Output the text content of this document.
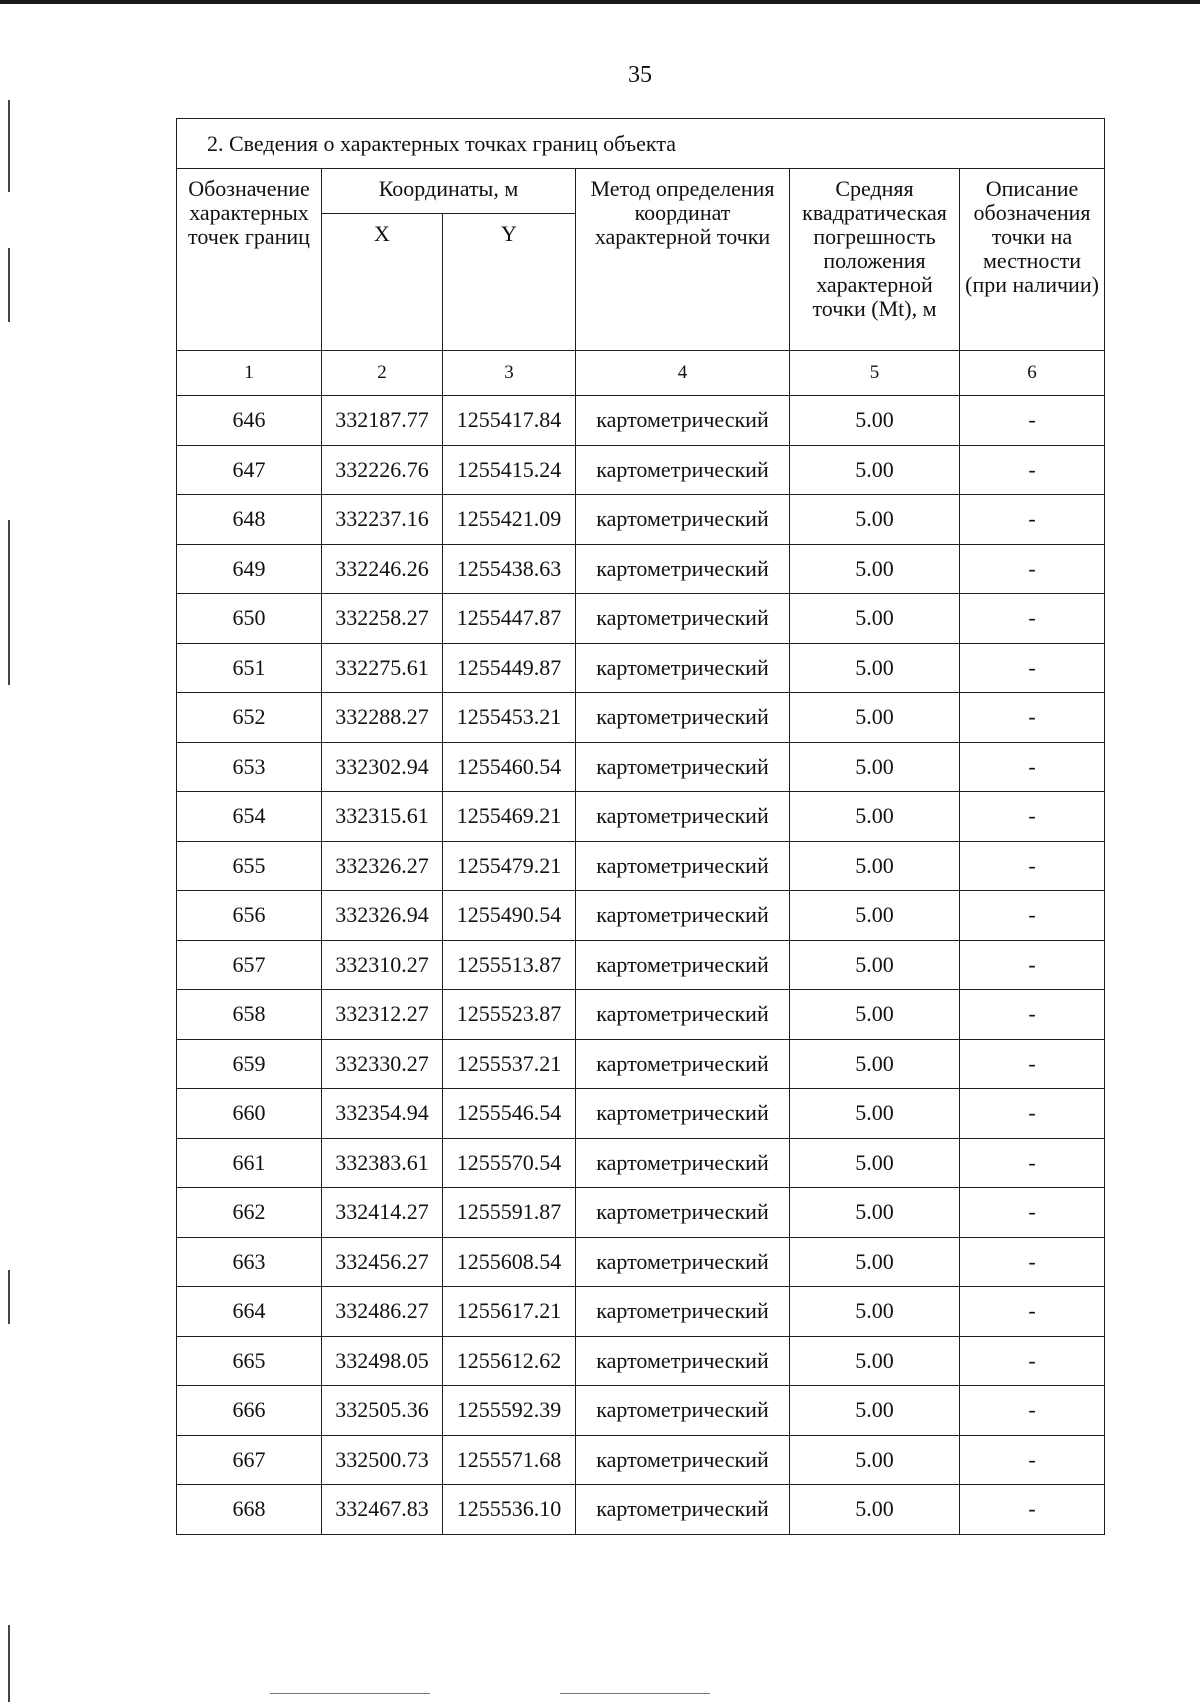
35
2. Сведения о характерных точках границ объекта					
Обозначение характерных точек границ	Координаты, м		Метод определения координат характерной точки	Средняя квадратическая погрешность положения характерной точки (Mt), м	Описание обозначения точки на местности (при наличии)
	X	Y			
1	2	3	4	5	6
646	332187.77	1255417.84	картометрический	5.00	-
647	332226.76	1255415.24	картометрический	5.00	-
648	332237.16	1255421.09	картометрический	5.00	-
649	332246.26	1255438.63	картометрический	5.00	-
650	332258.27	1255447.87	картометрический	5.00	-
651	332275.61	1255449.87	картометрический	5.00	-
652	332288.27	1255453.21	картометрический	5.00	-
653	332302.94	1255460.54	картометрический	5.00	-
654	332315.61	1255469.21	картометрический	5.00	-
655	332326.27	1255479.21	картометрический	5.00	-
656	332326.94	1255490.54	картометрический	5.00	-
657	332310.27	1255513.87	картометрический	5.00	-
658	332312.27	1255523.87	картометрический	5.00	-
659	332330.27	1255537.21	картометрический	5.00	-
660	332354.94	1255546.54	картометрический	5.00	-
661	332383.61	1255570.54	картометрический	5.00	-
662	332414.27	1255591.87	картометрический	5.00	-
663	332456.27	1255608.54	картометрический	5.00	-
664	332486.27	1255617.21	картометрический	5.00	-
665	332498.05	1255612.62	картометрический	5.00	-
666	332505.36	1255592.39	картометрический	5.00	-
667	332500.73	1255571.68	картометрический	5.00	-
668	332467.83	1255536.10	картометрический	5.00	-
